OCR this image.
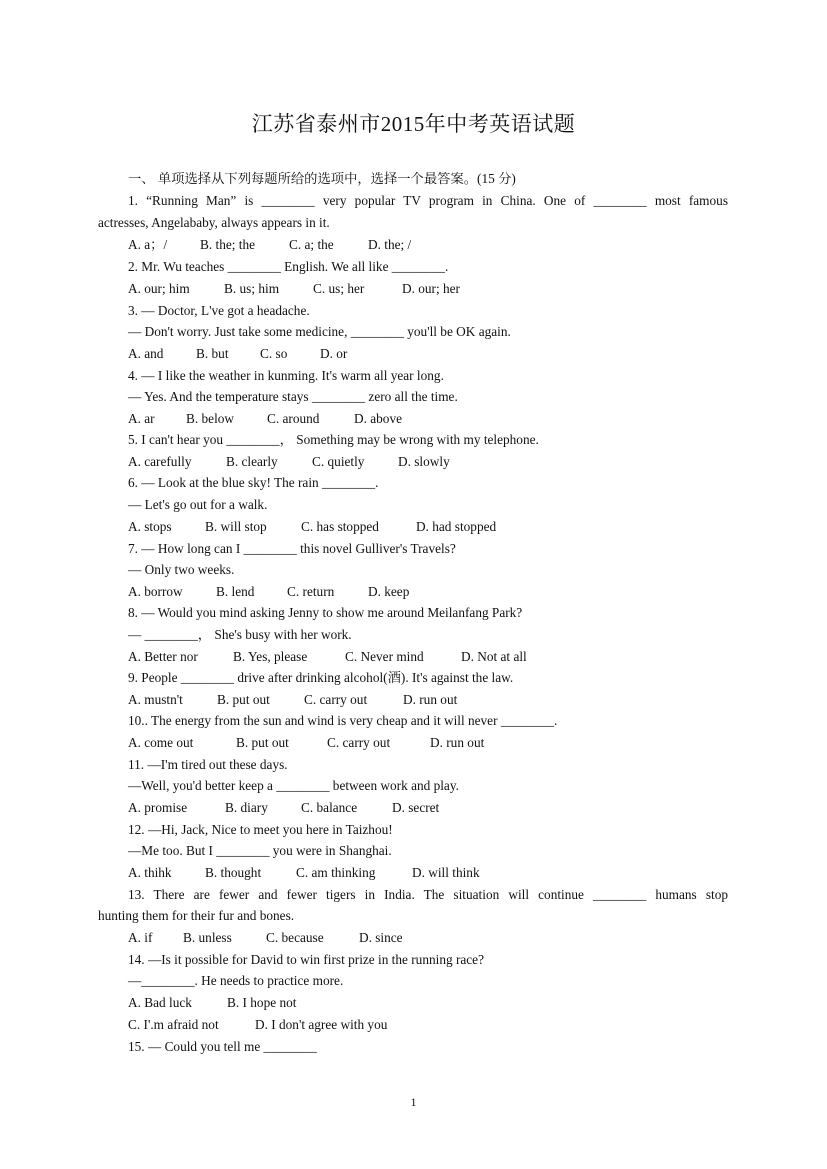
江苏省泰州市2015年中考英语试题
一、 单项选择从下列每题所给的选项中，选择一个最答案。(15 分)
1. “Running Man” is ________ very popular TV program in China. One of ________ most famous
actresses, Angelababy, always appears in it.
A. a；/ B. the; the	C. a; the	D. the; /
2. Mr. Wu teaches ________ English. We all like ________.
A. our; him	B. us; him	C. us; her	D. our; her
3. — Doctor, L've got a headache.
— Don't worry. Just take some medicine, ________ you'll be OK again.
A. and B. but C. so D. or
4. — I like the weather in kunming. It's warm all year long.
— Yes. And the temperature stays ________ zero all the time.
A. ar B. below C. around	D. above
5. I can't hear you ________， Something may be wrong with my telephone.
A. carefully	B. clearly	C. quietly	D. slowly
6. — Look at the blue sky! The rain ________.
— Let's go out for a walk.
A. stops	B. will stop	C. has stopped	D. had stopped
7. — How long can I ________ this novel Gulliver's Travels?
— Only two weeks.
A. borrow	B. lend C. return	D. keep
8. — Would you mind asking Jenny to show me around Meilanfang Park?
— ________， She's busy with her work.
A. Better nor	B. Yes, please	C. Never mind	D. Not at all
9. People ________ drive after drinking alcohol(酒). It's against the law.
A. mustn't	B. put out	C. carry out	D. run out
10.. The energy from the sun and wind is very cheap and it will never ________.
A. come out	B. put out	C. carry out	D. run out
11. —I'm tired out these days.
—Well, you'd better keep a ________ between work and play.
A. promise	B. diary C. balance	D. secret
12. —Hi, Jack, Nice to meet you here in Taizhou!
—Me too. But I ________ you were in Shanghai.
A. thihk	B. thought	C. am thinking	D. will think
13. There are fewer and fewer tigers in India. The situation will continue ________ humans stop
hunting them for their fur and bones.
A. if B. unless	C. because	D. since
14. —Is it possible for David to win first prize in the running race?
—________. He needs to practice more.
A. Bad luck	B. I hope not
C. I'.m afraid not	D. I don't agree with you
15. — Could you tell me ________
1
